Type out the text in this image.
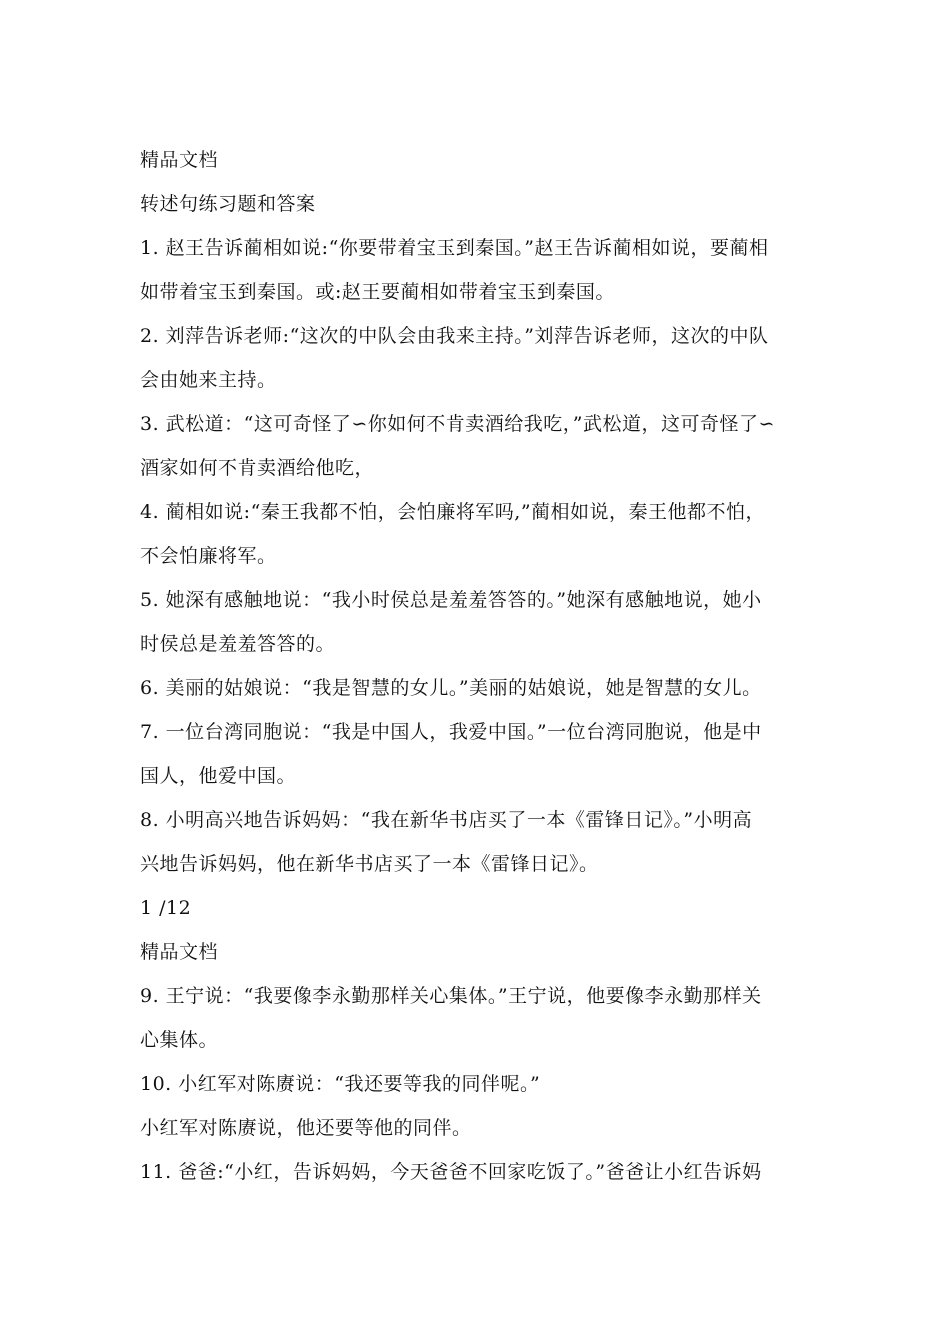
精品文档
转述句练习题和答案
1. 赵王告诉蔺相如说:“你要带着宝玉到秦国。”赵王告诉蔺相如说，要蔺相
如带着宝玉到秦国。或:赵王要蔺相如带着宝玉到秦国。
2. 刘萍告诉老师:“这次的中队会由我来主持。”刘萍告诉老师，这次的中队
会由她来主持。
3. 武松道：“这可奇怪了∽你如何不肯卖酒给我吃，”武松道，这可奇怪了∽
酒家如何不肯卖酒给他吃，
4. 蔺相如说:“秦王我都不怕，会怕廉将军吗,”蔺相如说，秦王他都不怕，
不会怕廉将军。
5. 她深有感触地说：“我小时侯总是羞羞答答的。”她深有感触地说，她小
时侯总是羞羞答答的。
6. 美丽的姑娘说：“我是智慧的女儿。”美丽的姑娘说，她是智慧的女儿。
7. 一位台湾同胞说：“我是中国人，我爱中国。”一位台湾同胞说，他是中
国人，他爱中国。
8. 小明高兴地告诉妈妈：“我在新华书店买了一本《雷锋日记》。”小明高
兴地告诉妈妈，他在新华书店买了一本《雷锋日记》。
1 /12
精品文档
9. 王宁说：“我要像李永勤那样关心集体。”王宁说，他要像李永勤那样关
心集体。
10. 小红军对陈赓说：“我还要等我的同伴呢。”
小红军对陈赓说，他还要等他的同伴。
11. 爸爸:“小红，告诉妈妈，今天爸爸不回家吃饭了。”爸爸让小红告诉妈
